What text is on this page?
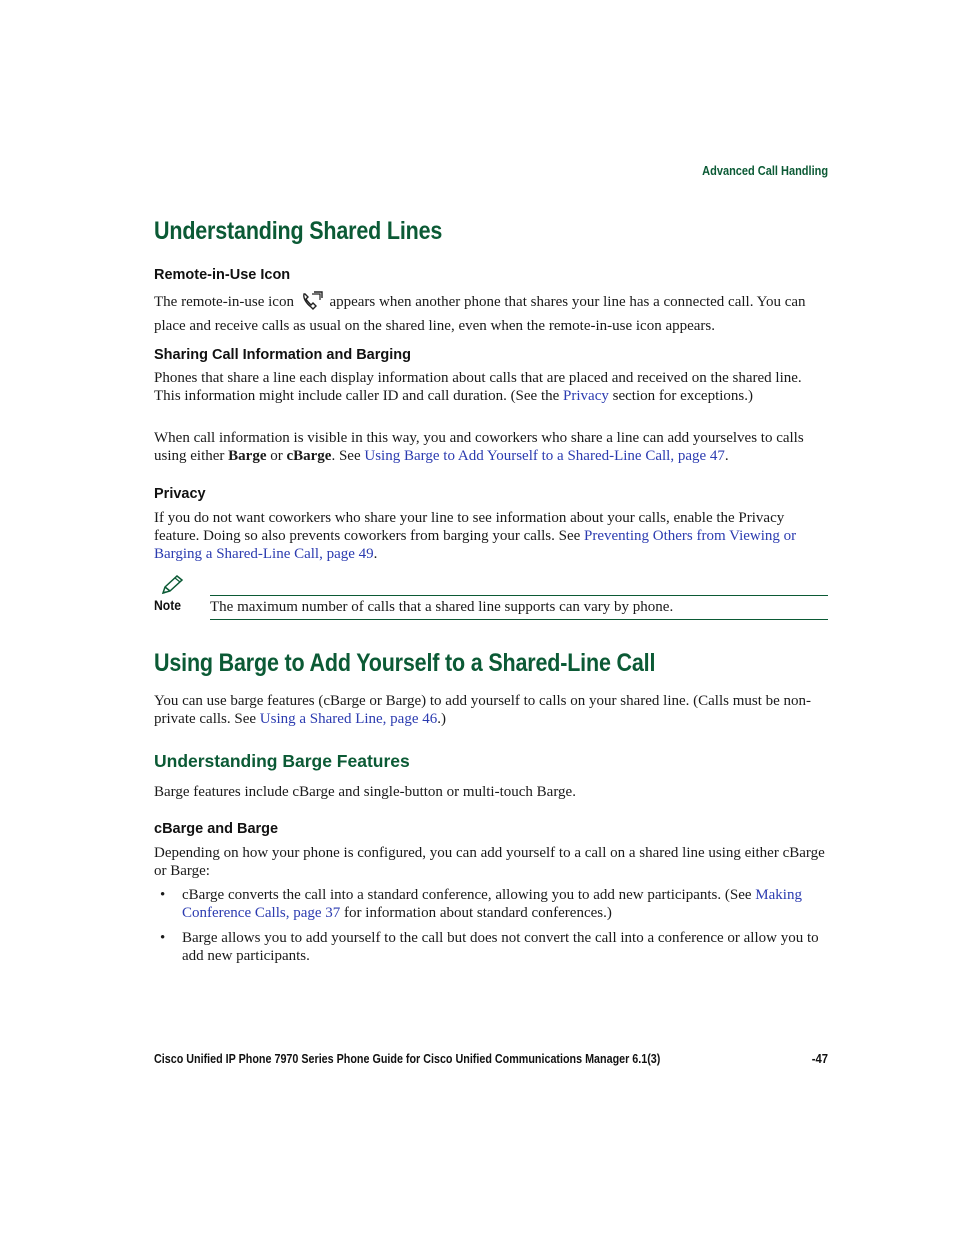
Advanced Call Handling
Understanding Shared Lines
Remote-in-Use Icon
The remote-in-use icon appears when another phone that shares your line has a connected call. You can place and receive calls as usual on the shared line, even when the remote-in-use icon appears.
Sharing Call Information and Barging
Phones that share a line each display information about calls that are placed and received on the shared line. This information might include caller ID and call duration. (See the Privacy section for exceptions.)
When call information is visible in this way, you and coworkers who share a line can add yourselves to calls using either Barge or cBarge. See Using Barge to Add Yourself to a Shared-Line Call, page 47.
Privacy
If you do not want coworkers who share your line to see information about your calls, enable the Privacy feature. Doing so also prevents coworkers from barging your calls. See Preventing Others from Viewing or Barging a Shared-Line Call, page 49.
Note The maximum number of calls that a shared line supports can vary by phone.
Using Barge to Add Yourself to a Shared-Line Call
You can use barge features (cBarge or Barge) to add yourself to calls on your shared line. (Calls must be non-private calls. See Using a Shared Line, page 46.)
Understanding Barge Features
Barge features include cBarge and single-button or multi-touch Barge.
cBarge and Barge
Depending on how your phone is configured, you can add yourself to a call on a shared line using either cBarge or Barge:
• cBarge converts the call into a standard conference, allowing you to add new participants. (See Making Conference Calls, page 37 for information about standard conferences.)
• Barge allows you to add yourself to the call but does not convert the call into a conference or allow you to add new participants.
Cisco Unified IP Phone 7970 Series Phone Guide for Cisco Unified Communications Manager 6.1(3)	-47
